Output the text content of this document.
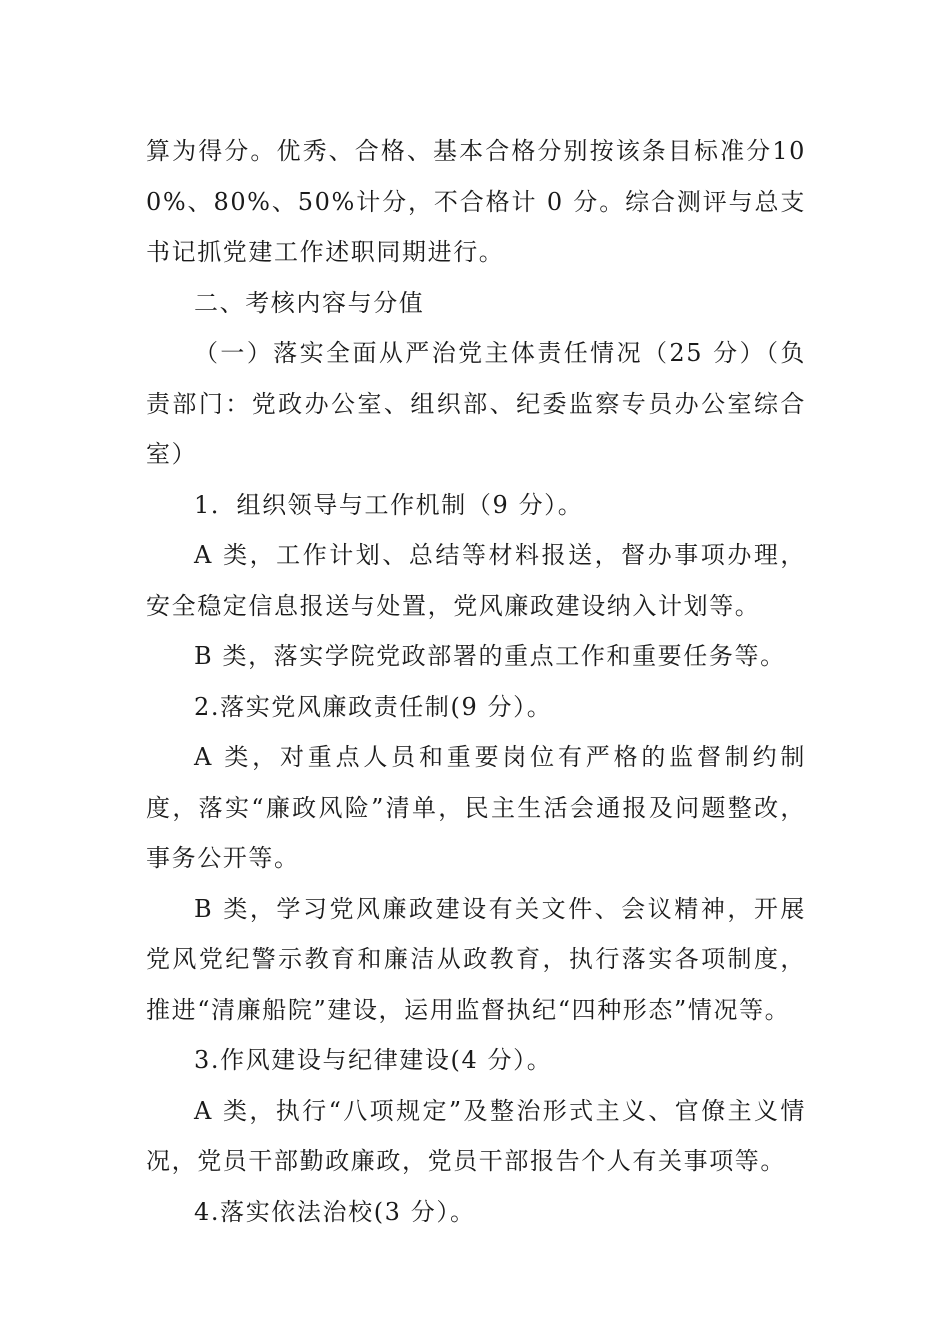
算为得分。优秀、合格、基本合格分别按该条目标准分100%、80%、50%计分，不合格计 0 分。综合测评与总支书记抓党建工作述职同期进行。

二、考核内容与分值

（一）落实全面从严治党主体责任情况（25 分）（负责部门：党政办公室、组织部、纪委监察专员办公室综合室）

1．组织领导与工作机制（9 分）。

A 类，工作计划、总结等材料报送，督办事项办理，安全稳定信息报送与处置，党风廉政建设纳入计划等。

B 类，落实学院党政部署的重点工作和重要任务等。

2.落实党风廉政责任制(9 分）。

A 类，对重点人员和重要岗位有严格的监督制约制度，落实“廉政风险”清单，民主生活会通报及问题整改，事务公开等。

B 类，学习党风廉政建设有关文件、会议精神，开展党风党纪警示教育和廉洁从政教育，执行落实各项制度，推进“清廉船院”建设，运用监督执纪“四种形态”情况等。

3.作风建设与纪律建设(4 分）。

A 类，执行“八项规定”及整治形式主义、官僚主义情况，党员干部勤政廉政，党员干部报告个人有关事项等。

4.落实依法治校(3 分）。
